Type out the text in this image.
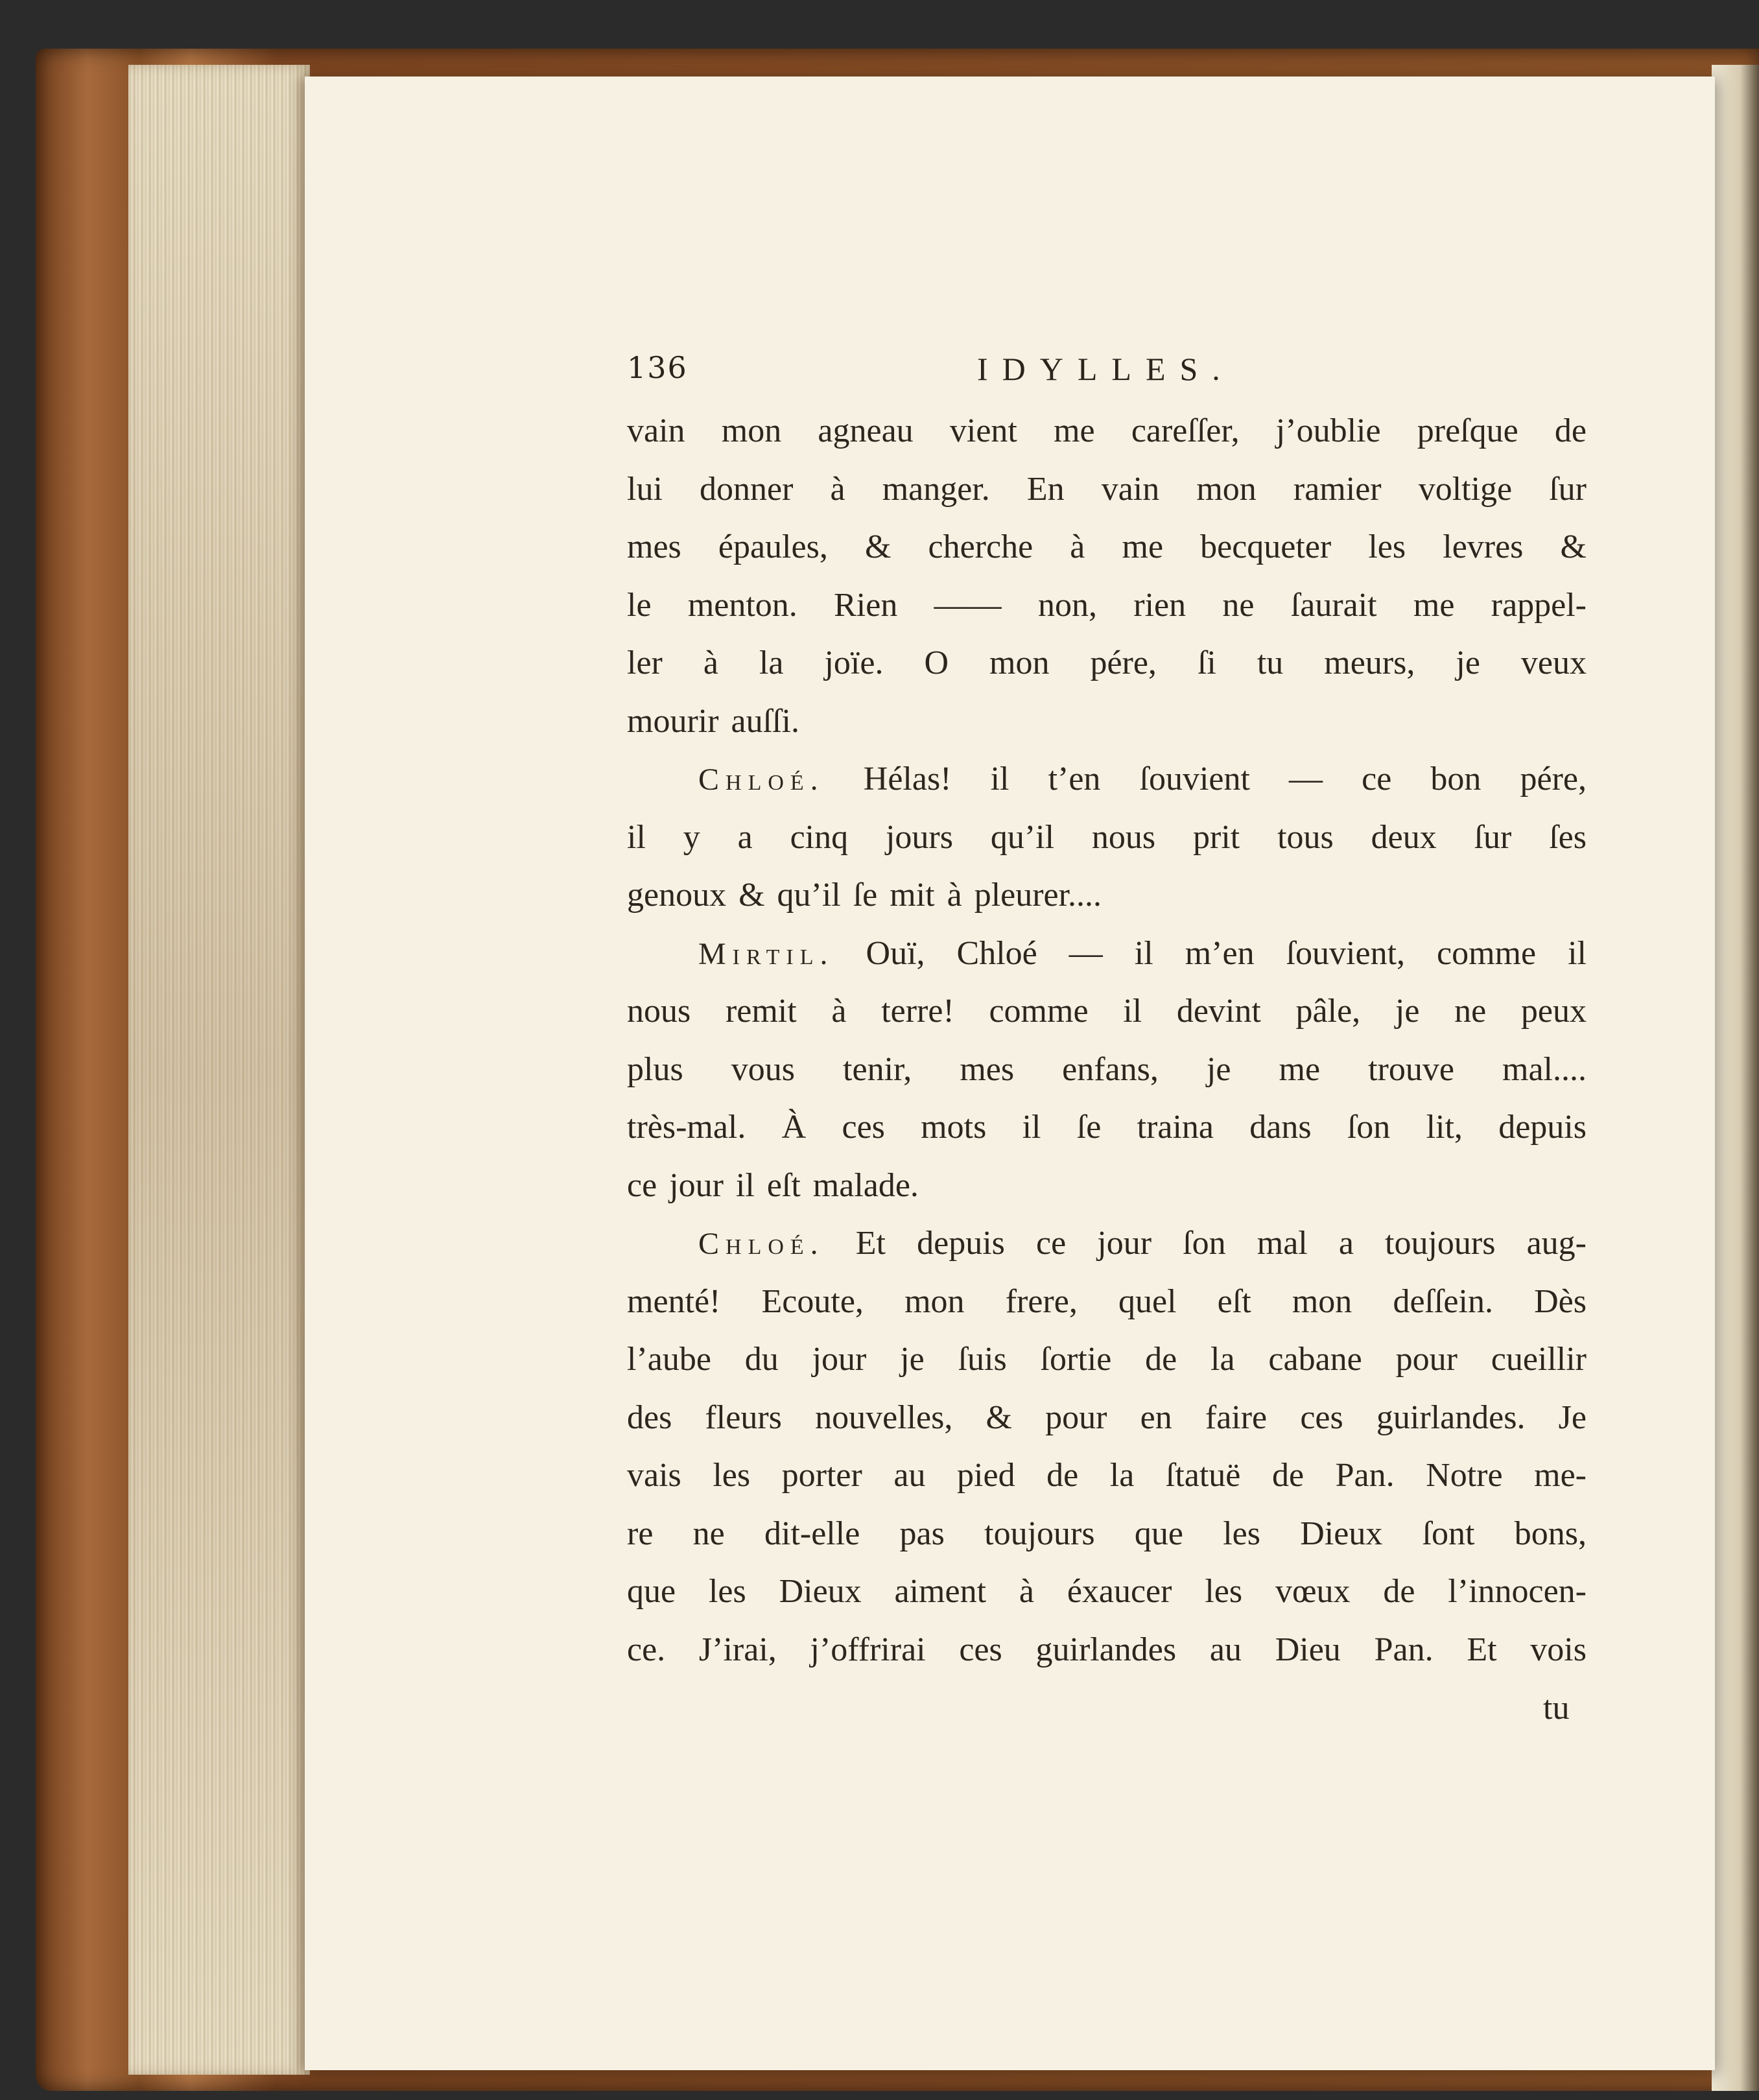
136	IDYLLES.
vain mon agneau vient me careſſer, j’oublie preſque de
lui donner à manger. En vain mon ramier voltige ſur
mes épaules, & cherche à me becqueter les levres &
le menton. Rien —— non, rien ne ſaurait me rappel-
ler à la joïe. O mon pére, ſi tu meurs, je veux
mourir auſſi.
Chloé. Hélas! il t’en ſouvient — ce bon pére,
il y a cinq jours qu’il nous prit tous deux ſur ſes
genoux & qu’il ſe mit à pleurer....
Mirtil. Ouï, Chloé — il m’en ſouvient, comme il
nous remit à terre! comme il devint pâle, je ne peux
plus vous tenir, mes enfans, je me trouve mal....
très-mal. À ces mots il ſe traina dans ſon lit, depuis
ce jour il eſt malade.
Chloé. Et depuis ce jour ſon mal a toujours aug-
menté! Ecoute, mon frere, quel eſt mon deſſein. Dès
l’aube du jour je ſuis ſortie de la cabane pour cueillir
des fleurs nouvelles, & pour en faire ces guirlandes. Je
vais les porter au pied de la ſtatuë de Pan. Notre me-
re ne dit-elle pas toujours que les Dieux ſont bons,
que les Dieux aiment à éxaucer les vœux de l’innocen-
ce. J’irai, j’offrirai ces guirlandes au Dieu Pan. Et vois
tu
